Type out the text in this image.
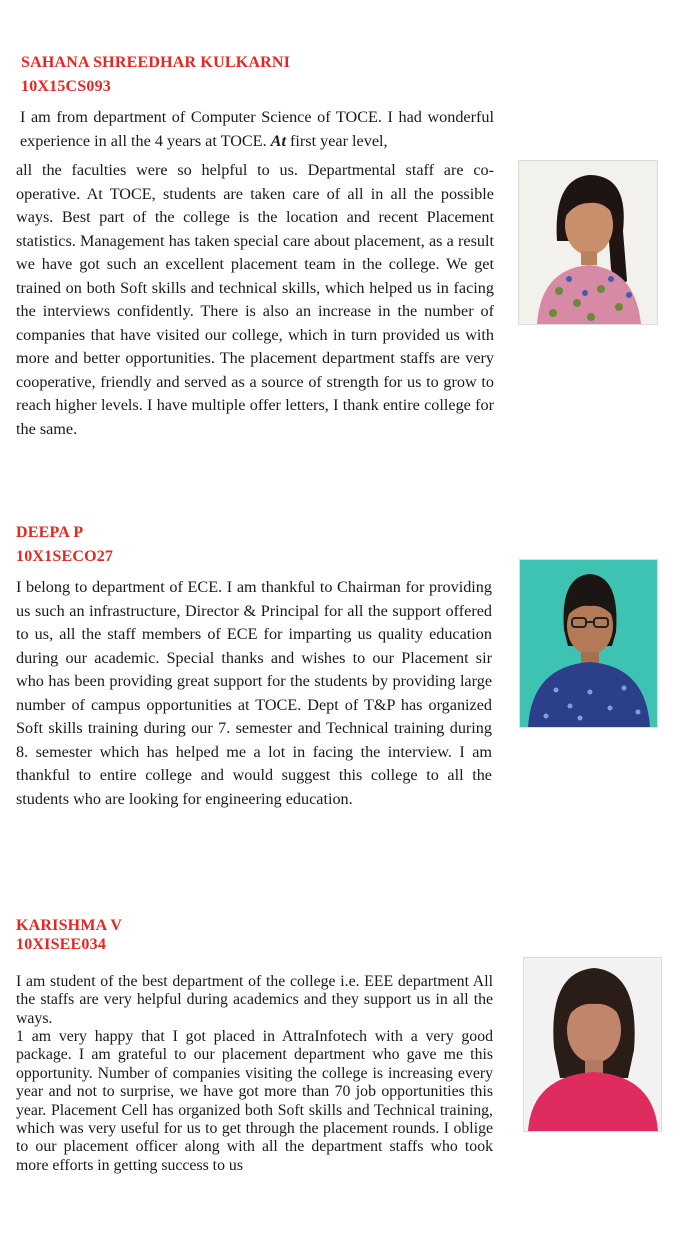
SAHANA SHREEDHAR KULKARNI
10X15CS093

I am from department of Computer Science of TOCE. I had wonderful experience in all the 4 years at TOCE. At first year level,

all the faculties were so helpful to us. Departmental staff are co-operative. At TOCE, students are taken care of all in all the possible ways. Best part of the college is the location and recent Placement statistics. Management has taken special care about placement, as a result we have got such an excellent placement team in the college. We get trained on both Soft skills and technical skills, which helped us in facing the interviews confidently. There is also an increase in the number of companies that have visited our college, which in turn provided us with more and better opportunities. The placement department staffs are very cooperative, friendly and served as a source of strength for us to grow to reach higher levels. I have multiple offer letters, I thank entire college for the same.

DEEPA P
10X1SECO27

I belong to department of ECE. I am thankful to Chairman for providing us such an infrastructure, Director & Principal for all the support offered to us, all the staff members of ECE for imparting us quality education during our academic. Special thanks and wishes to our Placement sir who has been providing great support for the students by providing large number of campus opportunities at TOCE. Dept of T&P has organized Soft skills training during our 7. semester and Technical training during 8. semester which has helped me a lot in facing the interview. I am thankful to entire college and would suggest this college to all the students who are looking for engineering education.

KARISHMA V
10XISEE034

I am student of the best department of the college i.e. EEE department All the staffs are very helpful during academics and they support us in all the ways.

1 am very happy that I got placed in AttraInfotech with a very good package. I am grateful to our placement department who gave me this opportunity. Number of companies visiting the college is increasing every year and not to surprise, we have got more than 70 job opportunities this year. Placement Cell has organized both Soft skills and Technical training, which was very useful for us to get through the placement rounds. I oblige to our placement officer along with all the department staffs who took more efforts in getting success to us
